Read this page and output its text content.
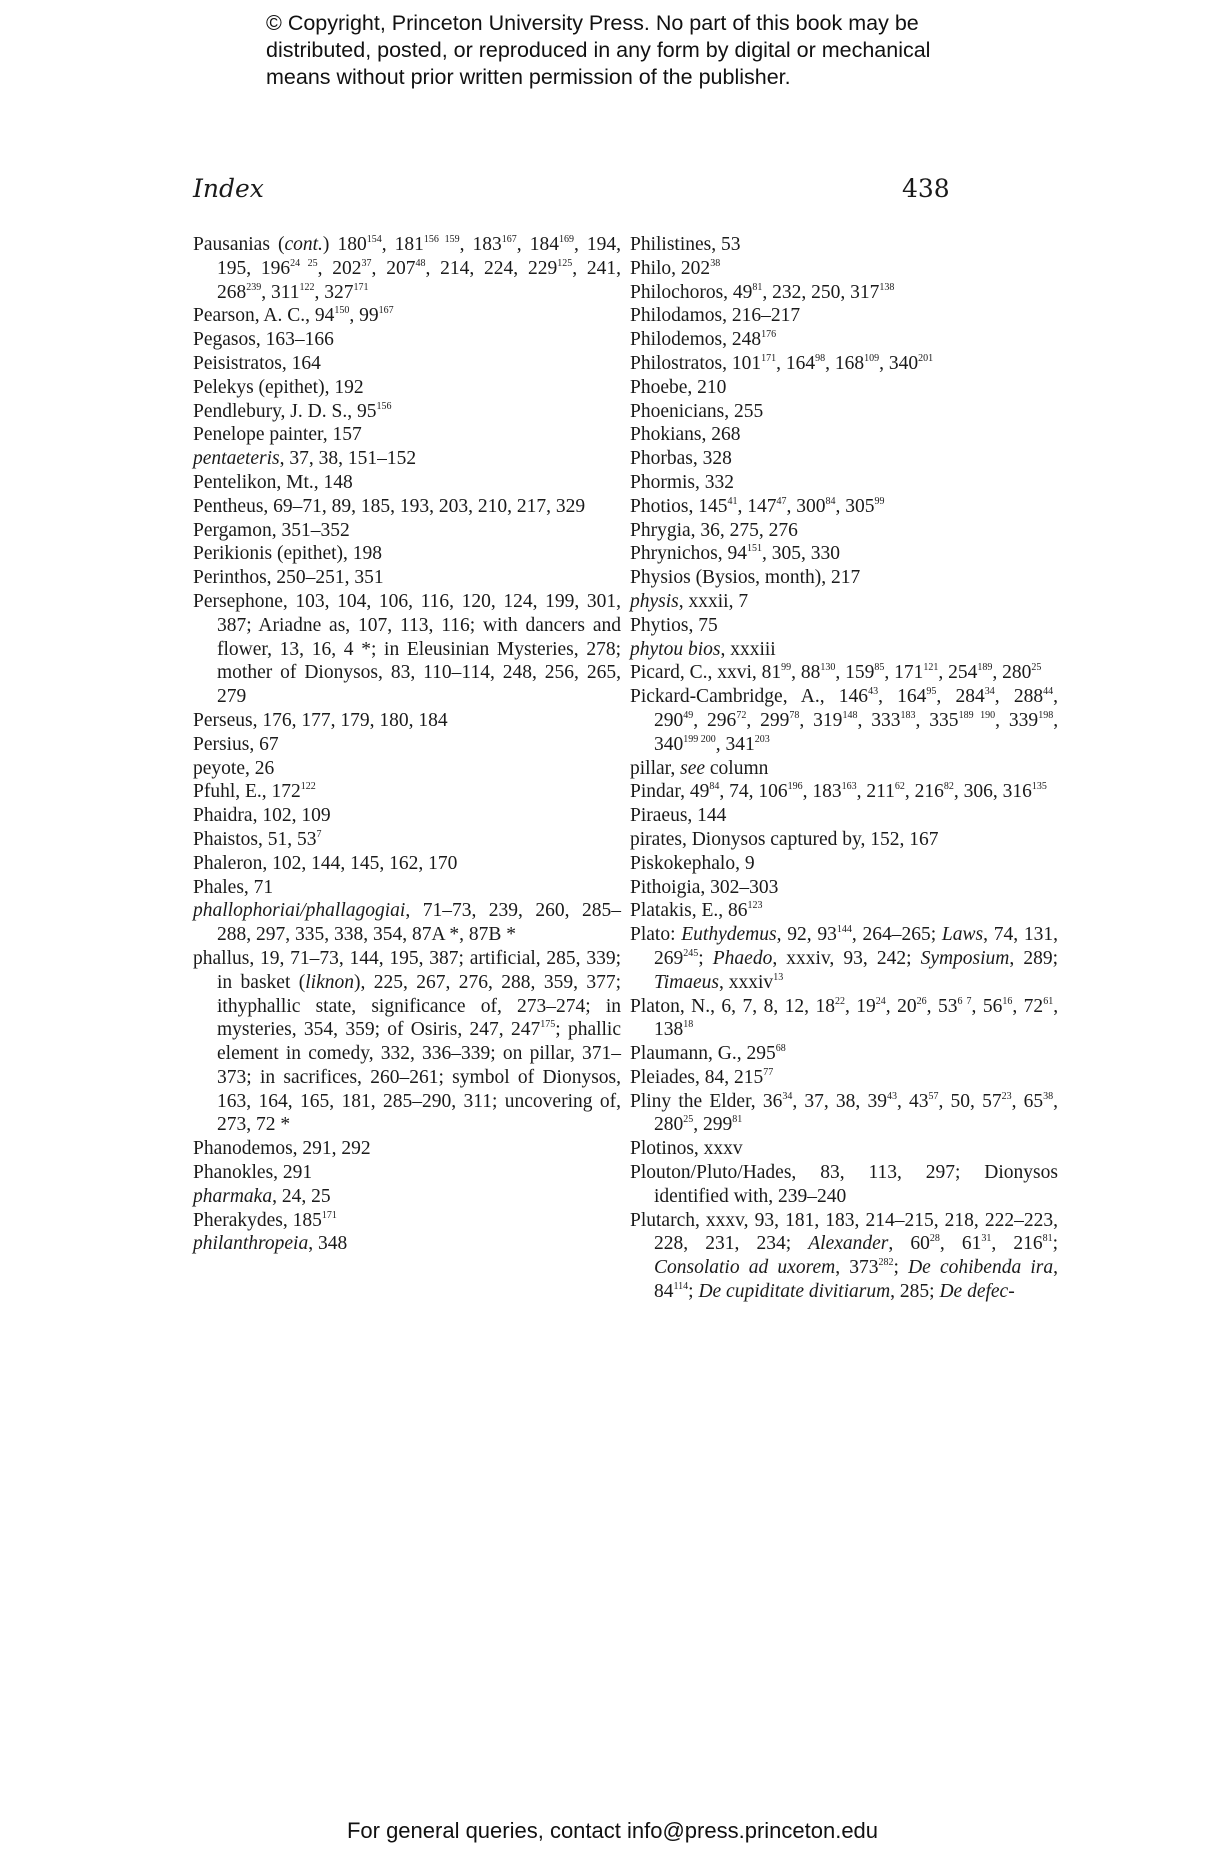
© Copyright, Princeton University Press. No part of this book may be
distributed, posted, or reproduced in any form by digital or mechanical
means without prior written permission of the publisher.
Index	438
Pausanias (cont.) $180^{154}$, $181^{156 159}$, $183^{167}$, $184^{169}$, 194, 195, $196^{24 25}$, $202^{37}$, $207^{48}$, 214, 224, $229^{125}$, 241, $268^{239}$, $311^{122}$, $327^{171}$
Pearson, A. C., $94^{150}$, $99^{167}$
Pegasos, 163–166
Peisistratos, 164
Pelekys (epithet), 192
Pendlebury, J. D. S., $95^{156}$
Penelope painter, 157
pentaeteris, 37, 38, 151–152
Pentelikon, Mt., 148
Pentheus, 69–71, 89, 185, 193, 203, 210, 217, 329
Pergamon, 351–352
Perikionis (epithet), 198
Perinthos, 250–251, 351
Persephone, 103, 104, 106, 116, 120, 124, 199, 301, 387; Ariadne as, 107, 113, 116; with dancers and flower, 13, 16, 4 *; in Eleusinian Mysteries, 278; mother of Dionysos, 83, 110–114, 248, 256, 265, 279
Perseus, 176, 177, 179, 180, 184
Persius, 67
peyote, 26
Pfuhl, E., $172^{122}$
Phaidra, 102, 109
Phaistos, 51, $53^7$
Phaleron, 102, 144, 145, 162, 170
Phales, 71
phallophoriai/phallagogiai, 71–73, 239, 260, 285–288, 297, 335, 338, 354, 87A *, 87B *
phallus, 19, 71–73, 144, 195, 387; artificial, 285, 339; in basket (liknon), 225, 267, 276, 288, 359, 377; ithyphallic state, significance of, 273–274; in mysteries, 354, 359; of Osiris, 247, $247^{175}$; phallic element in comedy, 332, 336–339; on pillar, 371–373; in sacrifices, 260–261; symbol of Dionysos, 163, 164, 165, 181, 285–290, 311; uncovering of, 273, 72 *
Phanodemos, 291, 292
Phanokles, 291
pharmaka, 24, 25
Pherakydes, $185^{171}$
philanthropeia, 348
Philistines, 53
Philo, $202^{38}$
Philochoros, $49^{81}$, 232, 250, $317^{138}$
Philodamos, 216–217
Philodemos, $248^{176}$
Philostratos, $101^{171}$, $164^{98}$, $168^{109}$, $340^{201}$
Phoebe, 210
Phoenicians, 255
Phokians, 268
Phorbas, 328
Phormis, 332
Photios, $145^{41}$, $147^{47}$, $300^{84}$, $305^{99}$
Phrygia, 36, 275, 276
Phrynichos, $94^{151}$, 305, 330
Physios (Bysios, month), 217
physis, xxxii, 7
Phytios, 75
phytou bios, xxxiii
Picard, C., xxvi, $81^{99}$, $88^{130}$, $159^{85}$, $171^{121}$, $254^{189}$, $280^{25}$
Pickard-Cambridge, A., $146^{43}$, $164^{95}$, $284^{34}$, $288^{44}$, $290^{49}$, $296^{72}$, $299^{78}$, $319^{148}$, $333^{183}$, $335^{189 190}$, $339^{198}$, $340^{199 200}$, $341^{203}$
pillar, see column
Pindar, $49^{84}$, 74, $106^{196}$, $183^{163}$, $211^{62}$, $216^{82}$, 306, $316^{135}$
Piraeus, 144
pirates, Dionysos captured by, 152, 167
Piskokephalo, 9
Pithoigia, 302–303
Platakis, E., $86^{123}$
Plato: Euthydemus, 92, $93^{144}$, 264–265; Laws, 74, 131, $269^{245}$; Phaedo, xxxiv, 93, 242; Symposium, 289; Timaeus, xxxiv$^{13}$
Platon, N., 6, 7, 8, 12, $18^{22}$, $19^{24}$, $20^{26}$, $53^{6 7}$, $56^{16}$, $72^{61}$, $138^{18}$
Plaumann, G., $295^{68}$
Pleiades, 84, $215^{77}$
Pliny the Elder, $36^{34}$, 37, 38, $39^{43}$, $43^{57}$, 50, $57^{23}$, $65^{38}$, $280^{25}$, $299^{81}$
Plotinos, xxxv
Plouton/Pluto/Hades, 83, 113, 297; Dionysos identified with, 239–240
Plutarch, xxxv, 93, 181, 183, 214–215, 218, 222–223, 228, 231, 234; Alexander, $60^{28}$, $61^{31}$, $216^{81}$; Consolatio ad uxorem, $373^{282}$; De cohibenda ira, $84^{114}$; De cupiditate divitiarum, 285; De defec-
For general queries, contact info@press.princeton.edu
